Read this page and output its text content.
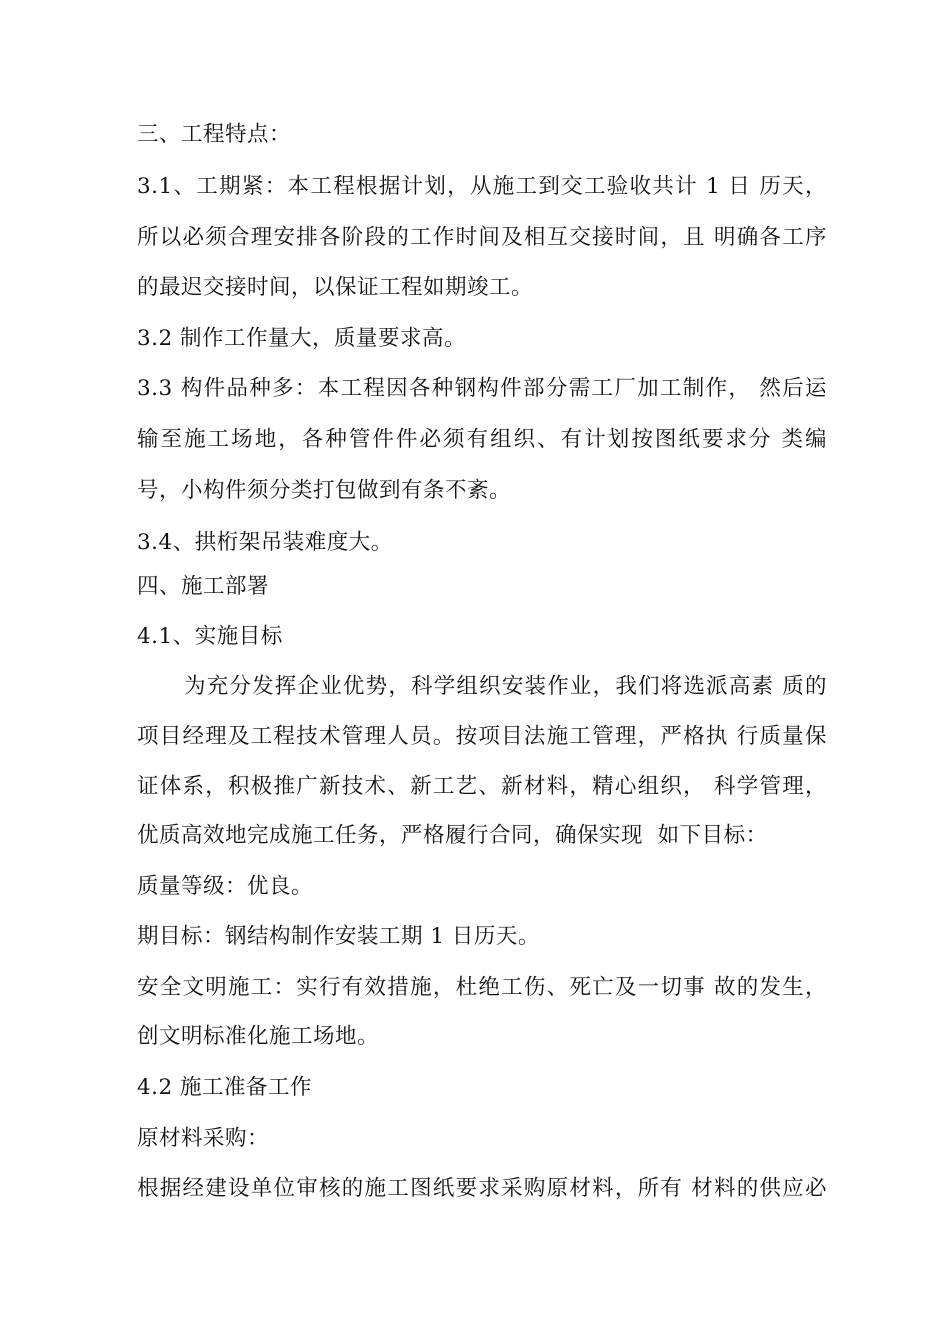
三、工程特点：
3.1、工期紧：本工程根据计划，从施工到交工验收共计 1 日 历天，
所以必须合理安排各阶段的工作时间及相互交接时间，且 明确各工序
的最迟交接时间，以保证工程如期竣工。
3.2 制作工作量大，质量要求高。
3.3 构件品种多：本工程因各种钢构件部分需工厂加工制作， 然后运
输至施工场地，各种管件件必须有组织、有计划按图纸要求分 类编
号，小构件须分类打包做到有条不紊。
3.4、拱桁架吊装难度大。
四、施工部署
4.1、实施目标
为充分发挥企业优势，科学组织安装作业，我们将选派高素 质的
项目经理及工程技术管理人员。按项目法施工管理，严格执 行质量保
证体系，积极推广新技术、新工艺、新材料，精心组织， 科学管理，
优质高效地完成施工任务，严格履行合同，确保实现  如下目标：
质量等级：优良。
期目标：钢结构制作安装工期 1 日历天。
安全文明施工：实行有效措施，杜绝工伤、死亡及一切事 故的发生，
创文明标准化施工场地。
4.2 施工准备工作
原材料采购：
根据经建设单位审核的施工图纸要求采购原材料，所有 材料的供应必
